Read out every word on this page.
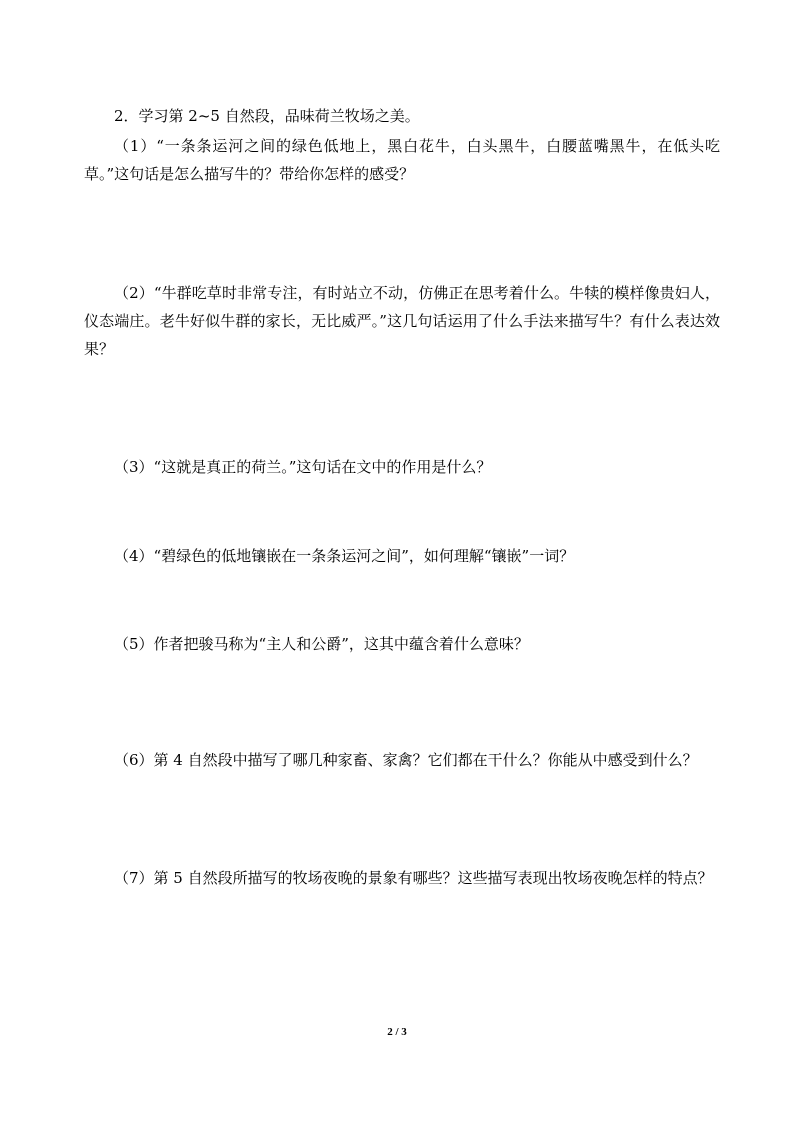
2．学习第 2~5 自然段，品味荷兰牧场之美。

（1）“一条条运河之间的绿色低地上，黑白花牛，白头黑牛，白腰蓝嘴黑牛，在低头吃草。”这句话是怎么描写牛的？带给你怎样的感受？

（2）“牛群吃草时非常专注，有时站立不动，仿佛正在思考着什么。牛犊的模样像贵妇人，仪态端庄。老牛好似牛群的家长，无比威严。”这几句话运用了什么手法来描写牛？有什么表达效果？

（3）“这就是真正的荷兰。”这句话在文中的作用是什么？

（4）“碧绿色的低地镶嵌在一条条运河之间”，如何理解“镶嵌”一词？

（5）作者把骏马称为“主人和公爵”，这其中蕴含着什么意味？

（6）第 4 自然段中描写了哪几种家畜、家禽？它们都在干什么？你能从中感受到什么？

（7）第 5 自然段所描写的牧场夜晚的景象有哪些？这些描写表现出牧场夜晚怎样的特点？

2 / 3
